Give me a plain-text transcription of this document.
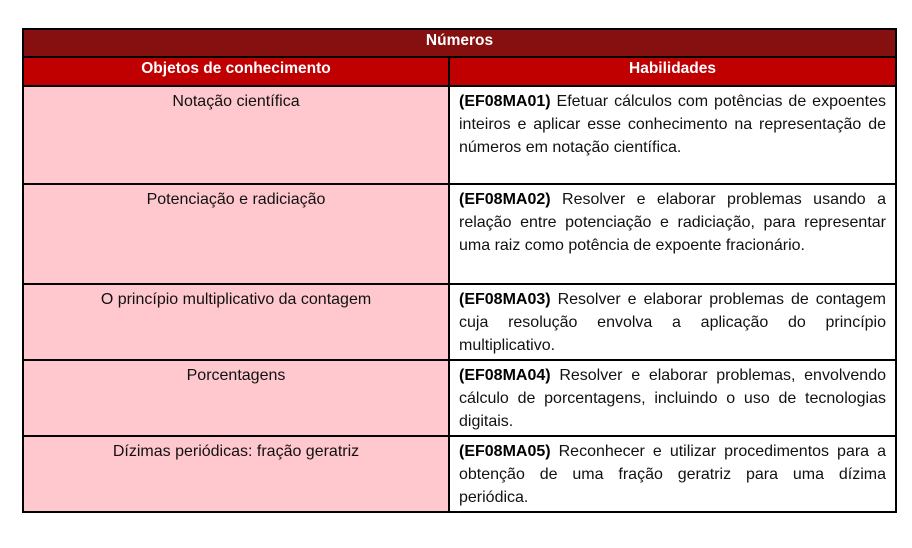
Números	
Objetos de conhecimento	Habilidades
Notação científica	(EF08MA01) Efetuar cálculos com potências de expoentes inteiros e aplicar esse conhecimento na representação de números em notação científica.
Potenciação e radiciação	(EF08MA02) Resolver e elaborar problemas usando a relação entre potenciação e radiciação, para representar uma raiz como potência de expoente fracionário.
O princípio multiplicativo da contagem	(EF08MA03) Resolver e elaborar problemas de contagem cuja resolução envolva a aplicação do princípio multiplicativo.
Porcentagens	(EF08MA04) Resolver e elaborar problemas, envolvendo cálculo de porcentagens, incluindo o uso de tecnologias digitais.
Dízimas periódicas: fração geratriz	(EF08MA05) Reconhecer e utilizar procedimentos para a obtenção de uma fração geratriz para uma dízima periódica.
